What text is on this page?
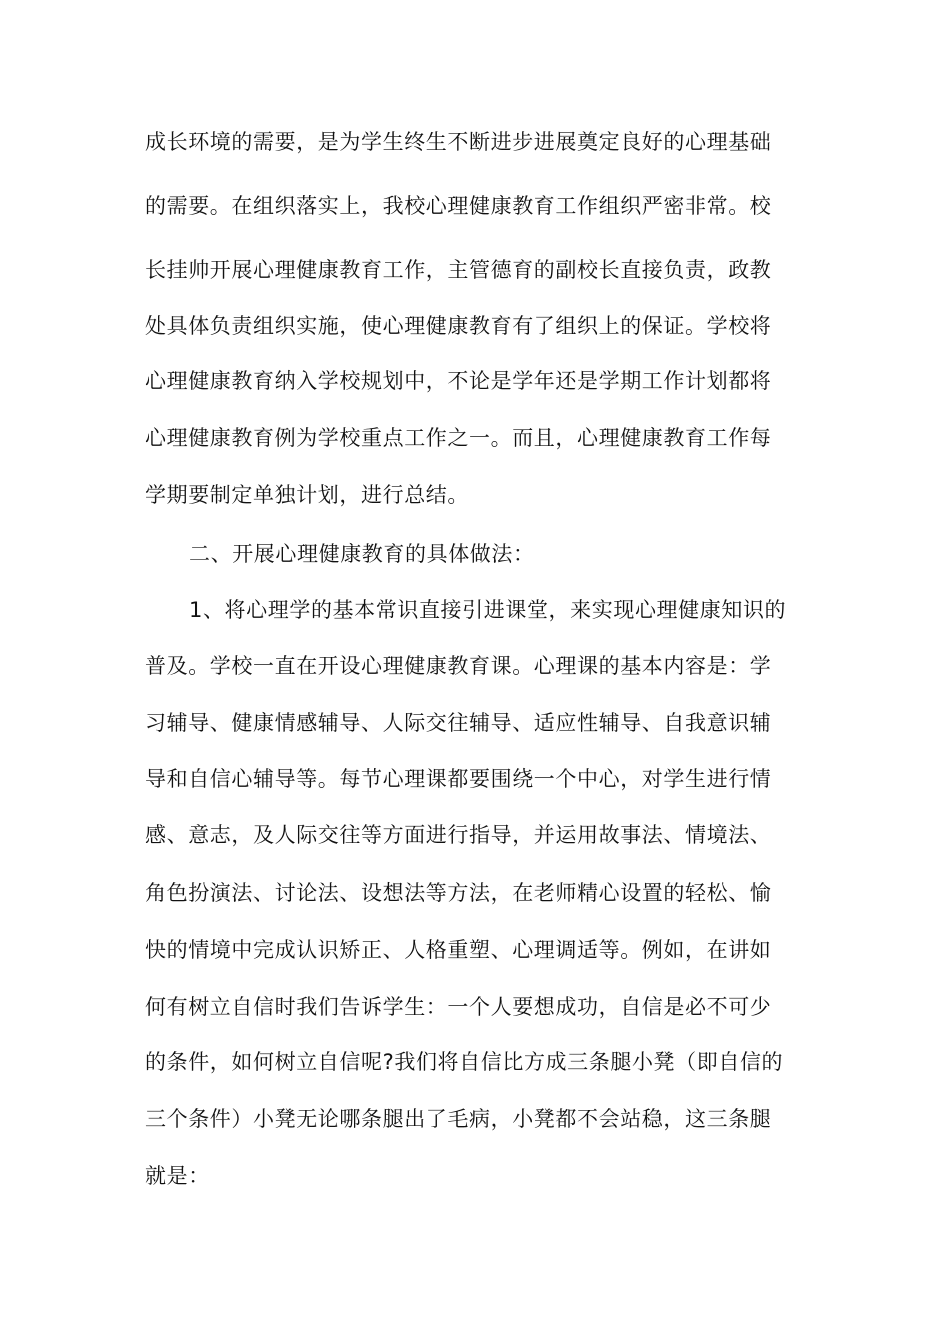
成长环境的需要，是为学生终生不断进步进展奠定良好的心理基础
的需要。在组织落实上，我校心理健康教育工作组织严密非常。校
长挂帅开展心理健康教育工作，主管德育的副校长直接负责，政教
处具体负责组织实施，使心理健康教育有了组织上的保证。学校将
心理健康教育纳入学校规划中，不论是学年还是学期工作计划都将
心理健康教育例为学校重点工作之一。而且，心理健康教育工作每
学期要制定单独计划，进行总结。
二、开展心理健康教育的具体做法：
1、将心理学的基本常识直接引进课堂，来实现心理健康知识的
普及。学校一直在开设心理健康教育课。心理课的基本内容是：学
习辅导、健康情感辅导、人际交往辅导、适应性辅导、自我意识辅
导和自信心辅导等。每节心理课都要围绕一个中心，对学生进行情
感、意志，及人际交往等方面进行指导，并运用故事法、情境法、
角色扮演法、讨论法、设想法等方法，在老师精心设置的轻松、愉
快的情境中完成认识矫正、人格重塑、心理调适等。例如，在讲如
何有树立自信时我们告诉学生：一个人要想成功，自信是必不可少
的条件，如何树立自信呢?我们将自信比方成三条腿小凳（即自信的
三个条件）小凳无论哪条腿出了毛病，小凳都不会站稳，这三条腿
就是：
